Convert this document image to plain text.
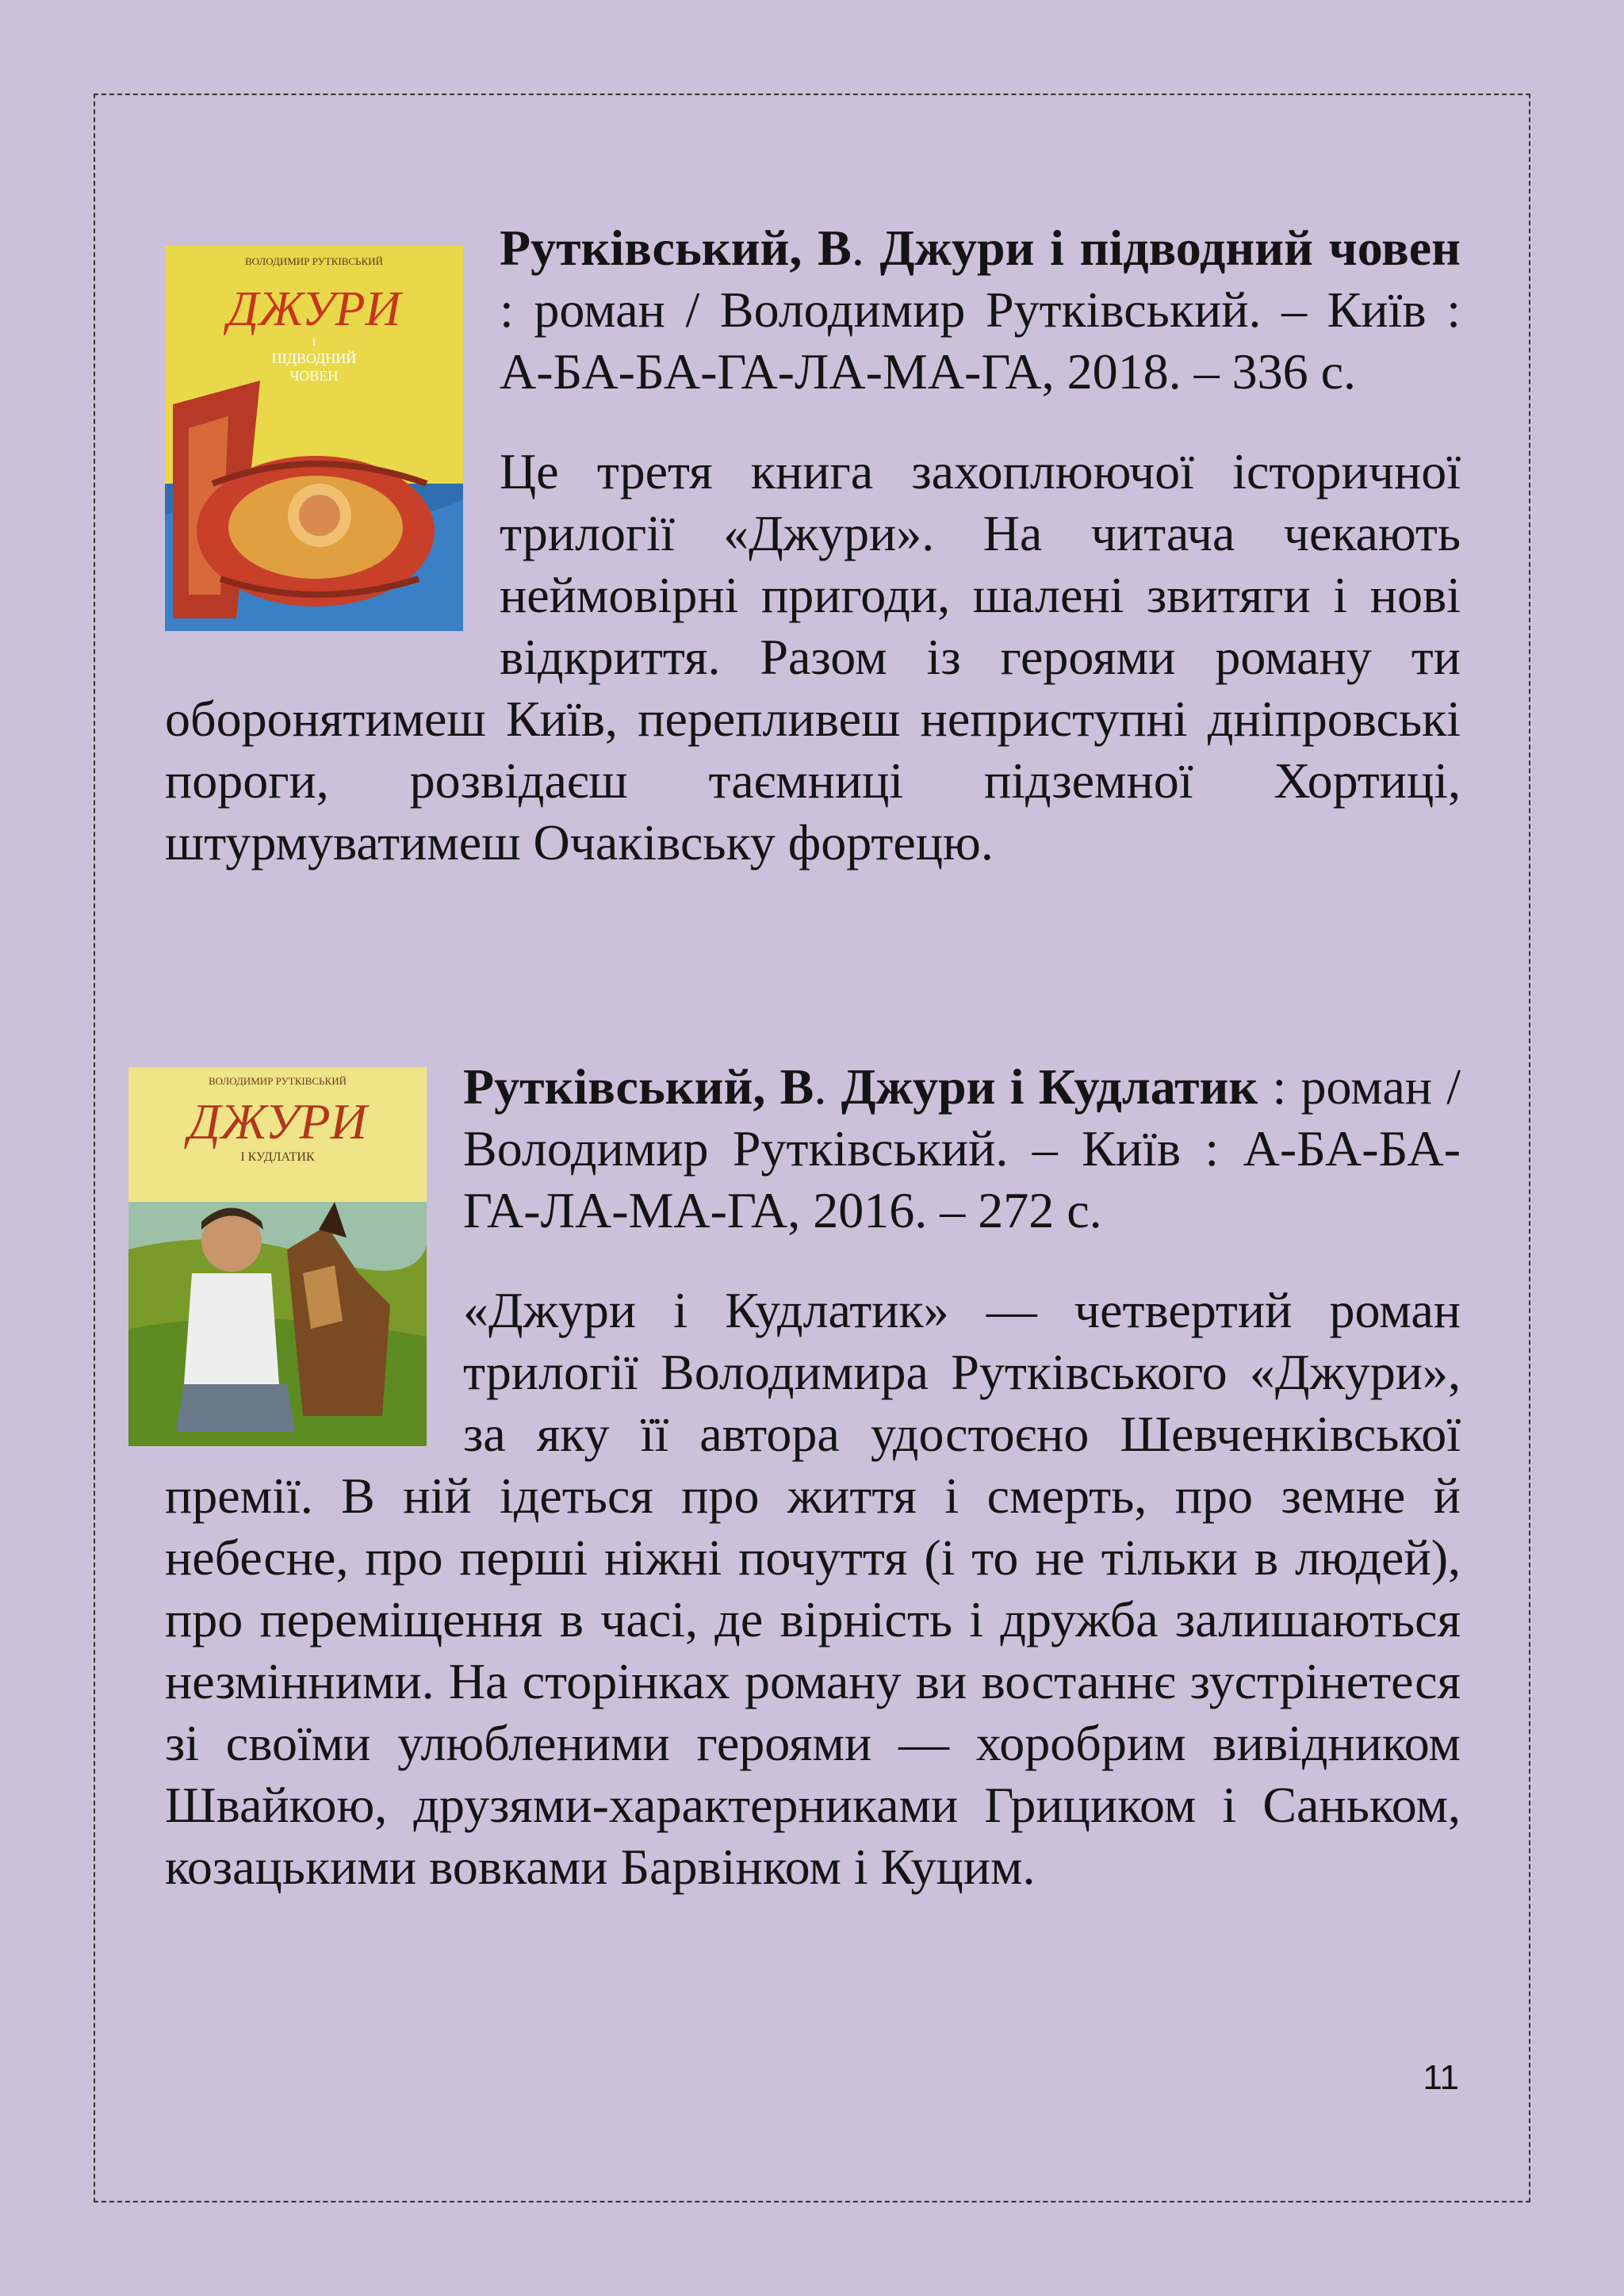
ВОЛОДИМИР РУТКІВСЬКИЙ
ДЖУРИ
і
ПІДВОДНИЙ
ЧОВЕН

Рутківський, В. Джури і підводний човен : роман / Володимир Рутківський. – Київ : А-БА-БА-ГА-ЛА-МА-ГА, 2018. – 336 с.

Це третя книга захоплюючої історичної трилогії «Джури». На читача чекають неймовірні пригоди, шалені звитяги і нові відкриття. Разом із героями роману ти оборонятимеш Київ, перепливеш неприступні дніпровські пороги, розвідаєш таємниці підземної Хортиці, штурмуватимеш Очаківську фортецю.

ВОЛОДИМИР РУТКІВСЬКИЙ
ДЖУРИ
І КУДЛАТИК

Рутківський, В. Джури і Кудлатик : роман / Володимир Рутківський. – Київ : А-БА-БА-ГА-ЛА-МА-ГА, 2016. – 272 с.

«Джури і Кудлатик» — четвертий роман трилогії Володимира Рутківського «Джури», за яку її автора удостоєно Шевченківської премії. В ній ідеться про життя і смерть, про земне й небесне, про перші ніжні почуття (і то не тільки в людей), про переміщення в часі, де вірність і дружба залишаються незмінними. На сторінках роману ви востаннє зустрінетеся зі своїми улюбленими героями — хоробрим вивідником Швайкою, друзями-характерниками Грициком і Саньком, козацькими вовками Барвінком і Куцим.

11
